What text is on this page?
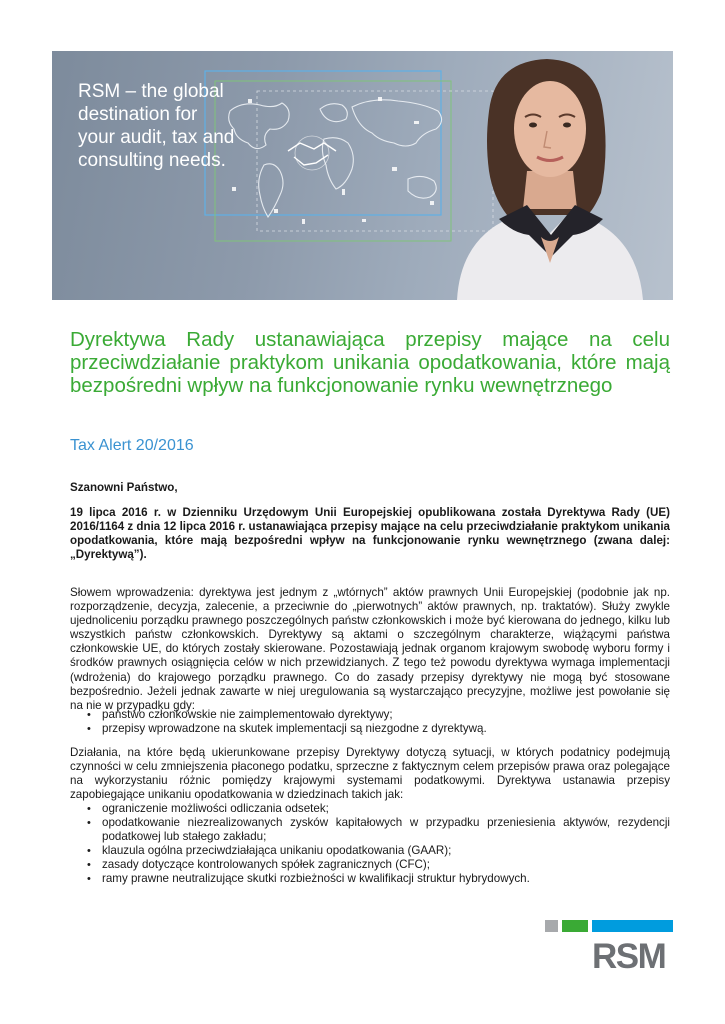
RSM – the global
destination for
your audit, tax and
consulting needs.

Dyrektywa Rady ustanawiająca przepisy mające na celu przeciwdziałanie praktykom unikania opodatkowania, które mają bezpośredni wpływ na funkcjonowanie rynku wewnętrznego
Tax Alert 20/2016

Szanowni Państwo,

19 lipca 2016 r. w Dzienniku Urzędowym Unii Europejskiej opublikowana została Dyrektywa Rady (UE) 2016/1164 z dnia 12 lipca 2016 r. ustanawiająca przepisy mające na celu przeciwdziałanie praktykom unikania opodatkowania, które mają bezpośredni wpływ na funkcjonowanie rynku wewnętrznego (zwana dalej: „Dyrektywą”).

Słowem wprowadzenia: dyrektywa jest jednym z „wtórnych” aktów prawnych Unii Europejskiej (podobnie jak np. rozporządzenie, decyzja, zalecenie, a przeciwnie do „pierwotnych” aktów prawnych, np. traktatów). Służy zwykle ujednoliceniu porządku prawnego poszczególnych państw członkowskich i może być kierowana do jednego, kilku lub wszystkich państw członkowskich. Dyrektywy są aktami o szczególnym charakterze, wiążącymi państwa członkowskie UE, do których zostały skierowane. Pozostawiają jednak organom krajowym swobodę wyboru formy i środków prawnych osiągnięcia celów w nich przewidzianych. Z tego też powodu dyrektywa wymaga implementacji (wdrożenia) do krajowego porządku prawnego. Co do zasady przepisy dyrektywy nie mogą być stosowane bezpośrednio. Jeżeli jednak zawarte w niej uregulowania są wystarczająco precyzyjne, możliwe jest powołanie się na nie w przypadku gdy:

• państwo członkowskie nie zaimplementowało dyrektywy;
• przepisy wprowadzone na skutek implementacji są niezgodne z dyrektywą.

Działania, na które będą ukierunkowane przepisy Dyrektywy dotyczą sytuacji, w których podatnicy podejmują czynności w celu zmniejszenia płaconego podatku, sprzeczne z faktycznym celem przepisów prawa oraz polegające na wykorzystaniu różnic pomiędzy krajowymi systemami podatkowymi. Dyrektywa ustanawia przepisy zapobiegające unikaniu opodatkowania w dziedzinach takich jak:

• ograniczenie możliwości odliczania odsetek;
• opodatkowanie niezrealizowanych zysków kapitałowych w przypadku przeniesienia aktywów, rezydencji podatkowej lub stałego zakładu;
• klauzula ogólna przeciwdziałająca unikaniu opodatkowania (GAAR);
• zasady dotyczące kontrolowanych spółek zagranicznych (CFC);
• ramy prawne neutralizujące skutki rozbieżności w kwalifikacji struktur hybrydowych.

RSM
